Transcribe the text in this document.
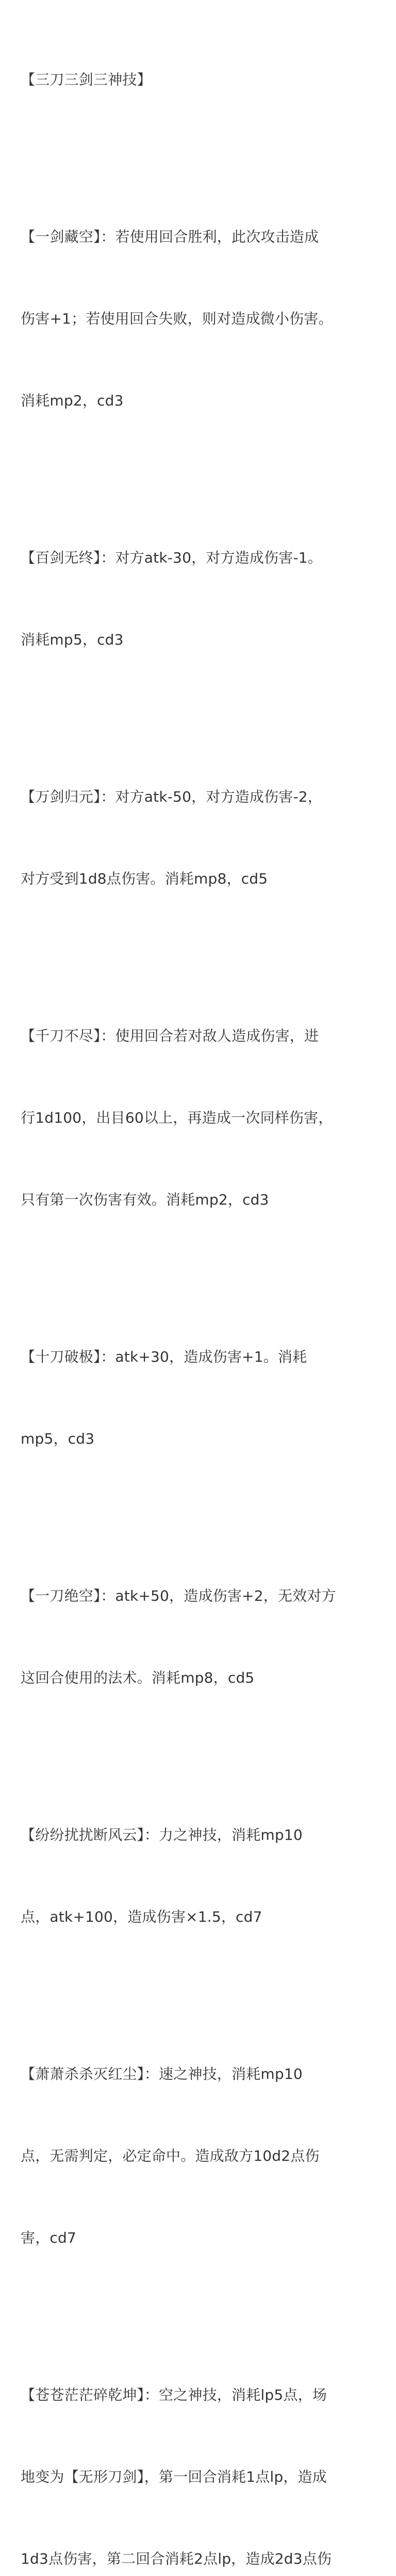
【三刀三剑三神技】

【一剑藏空】：若使用回合胜利，此次攻击造成

伤害+1；若使用回合失败，则对造成微小伤害。

消耗mp2，cd3

【百剑无终】：对方atk-30，对方造成伤害-1。

消耗mp5，cd3

【万剑归元】：对方atk-50，对方造成伤害-2，

对方受到1d8点伤害。消耗mp8，cd5

【千刀不尽】：使用回合若对敌人造成伤害，进

行1d100，出目60以上，再造成一次同样伤害，

只有第一次伤害有效。消耗mp2，cd3

【十刀破极】：atk+30，造成伤害+1。消耗

mp5，cd3

【一刀绝空】：atk+50，造成伤害+2，无效对方

这回合使用的法术。消耗mp8，cd5

【纷纷扰扰断风云】：力之神技，消耗mp10

点，atk+100，造成伤害×1.5，cd7

【萧萧杀杀灭红尘】：速之神技，消耗mp10

点，无需判定，必定命中。造成敌方10d2点伤

害，cd7

【苍苍茫茫碎乾坤】：空之神技，消耗lp5点，场

地变为【无形刀剑】，第一回合消耗1点lp，造成

1d3点伤害，第二回合消耗2点lp，造成2d3点伤
